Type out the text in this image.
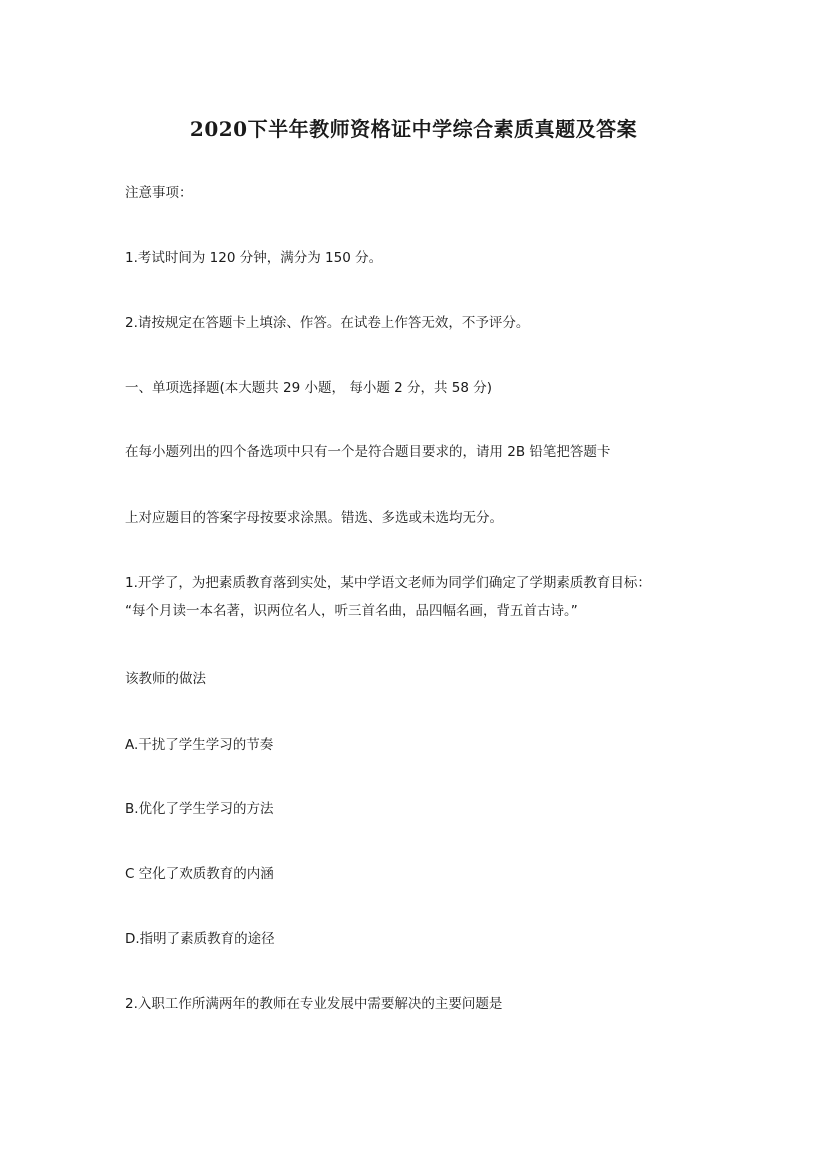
2020下半年教师资格证中学综合素质真题及答案
注意事项：
1.考试时间为 120 分钟，满分为 150 分。
2.请按规定在答题卡上填涂、作答。在试卷上作答无效，不予评分。
一、单项选择题(本大题共 29 小题， 每小题 2 分，共 58 分)
在每小题列出的四个备选项中只有一个是符合题目要求的，请用 2B 铅笔把答题卡
上对应题目的答案字母按要求涂黑。错选、多选或未选均无分。
1.开学了，为把素质教育落到实处，某中学语文老师为同学们确定了学期素质教育目标：
“每个月读一本名著，识两位名人，听三首名曲，品四幅名画，背五首古诗。”
该教师的做法
A.干扰了学生学习的节奏
B.优化了学生学习的方法
C 空化了欢质教育的内涵
D.指明了素质教育的途径
2.入职工作所满两年的教师在专业发展中需要解决的主要问题是
